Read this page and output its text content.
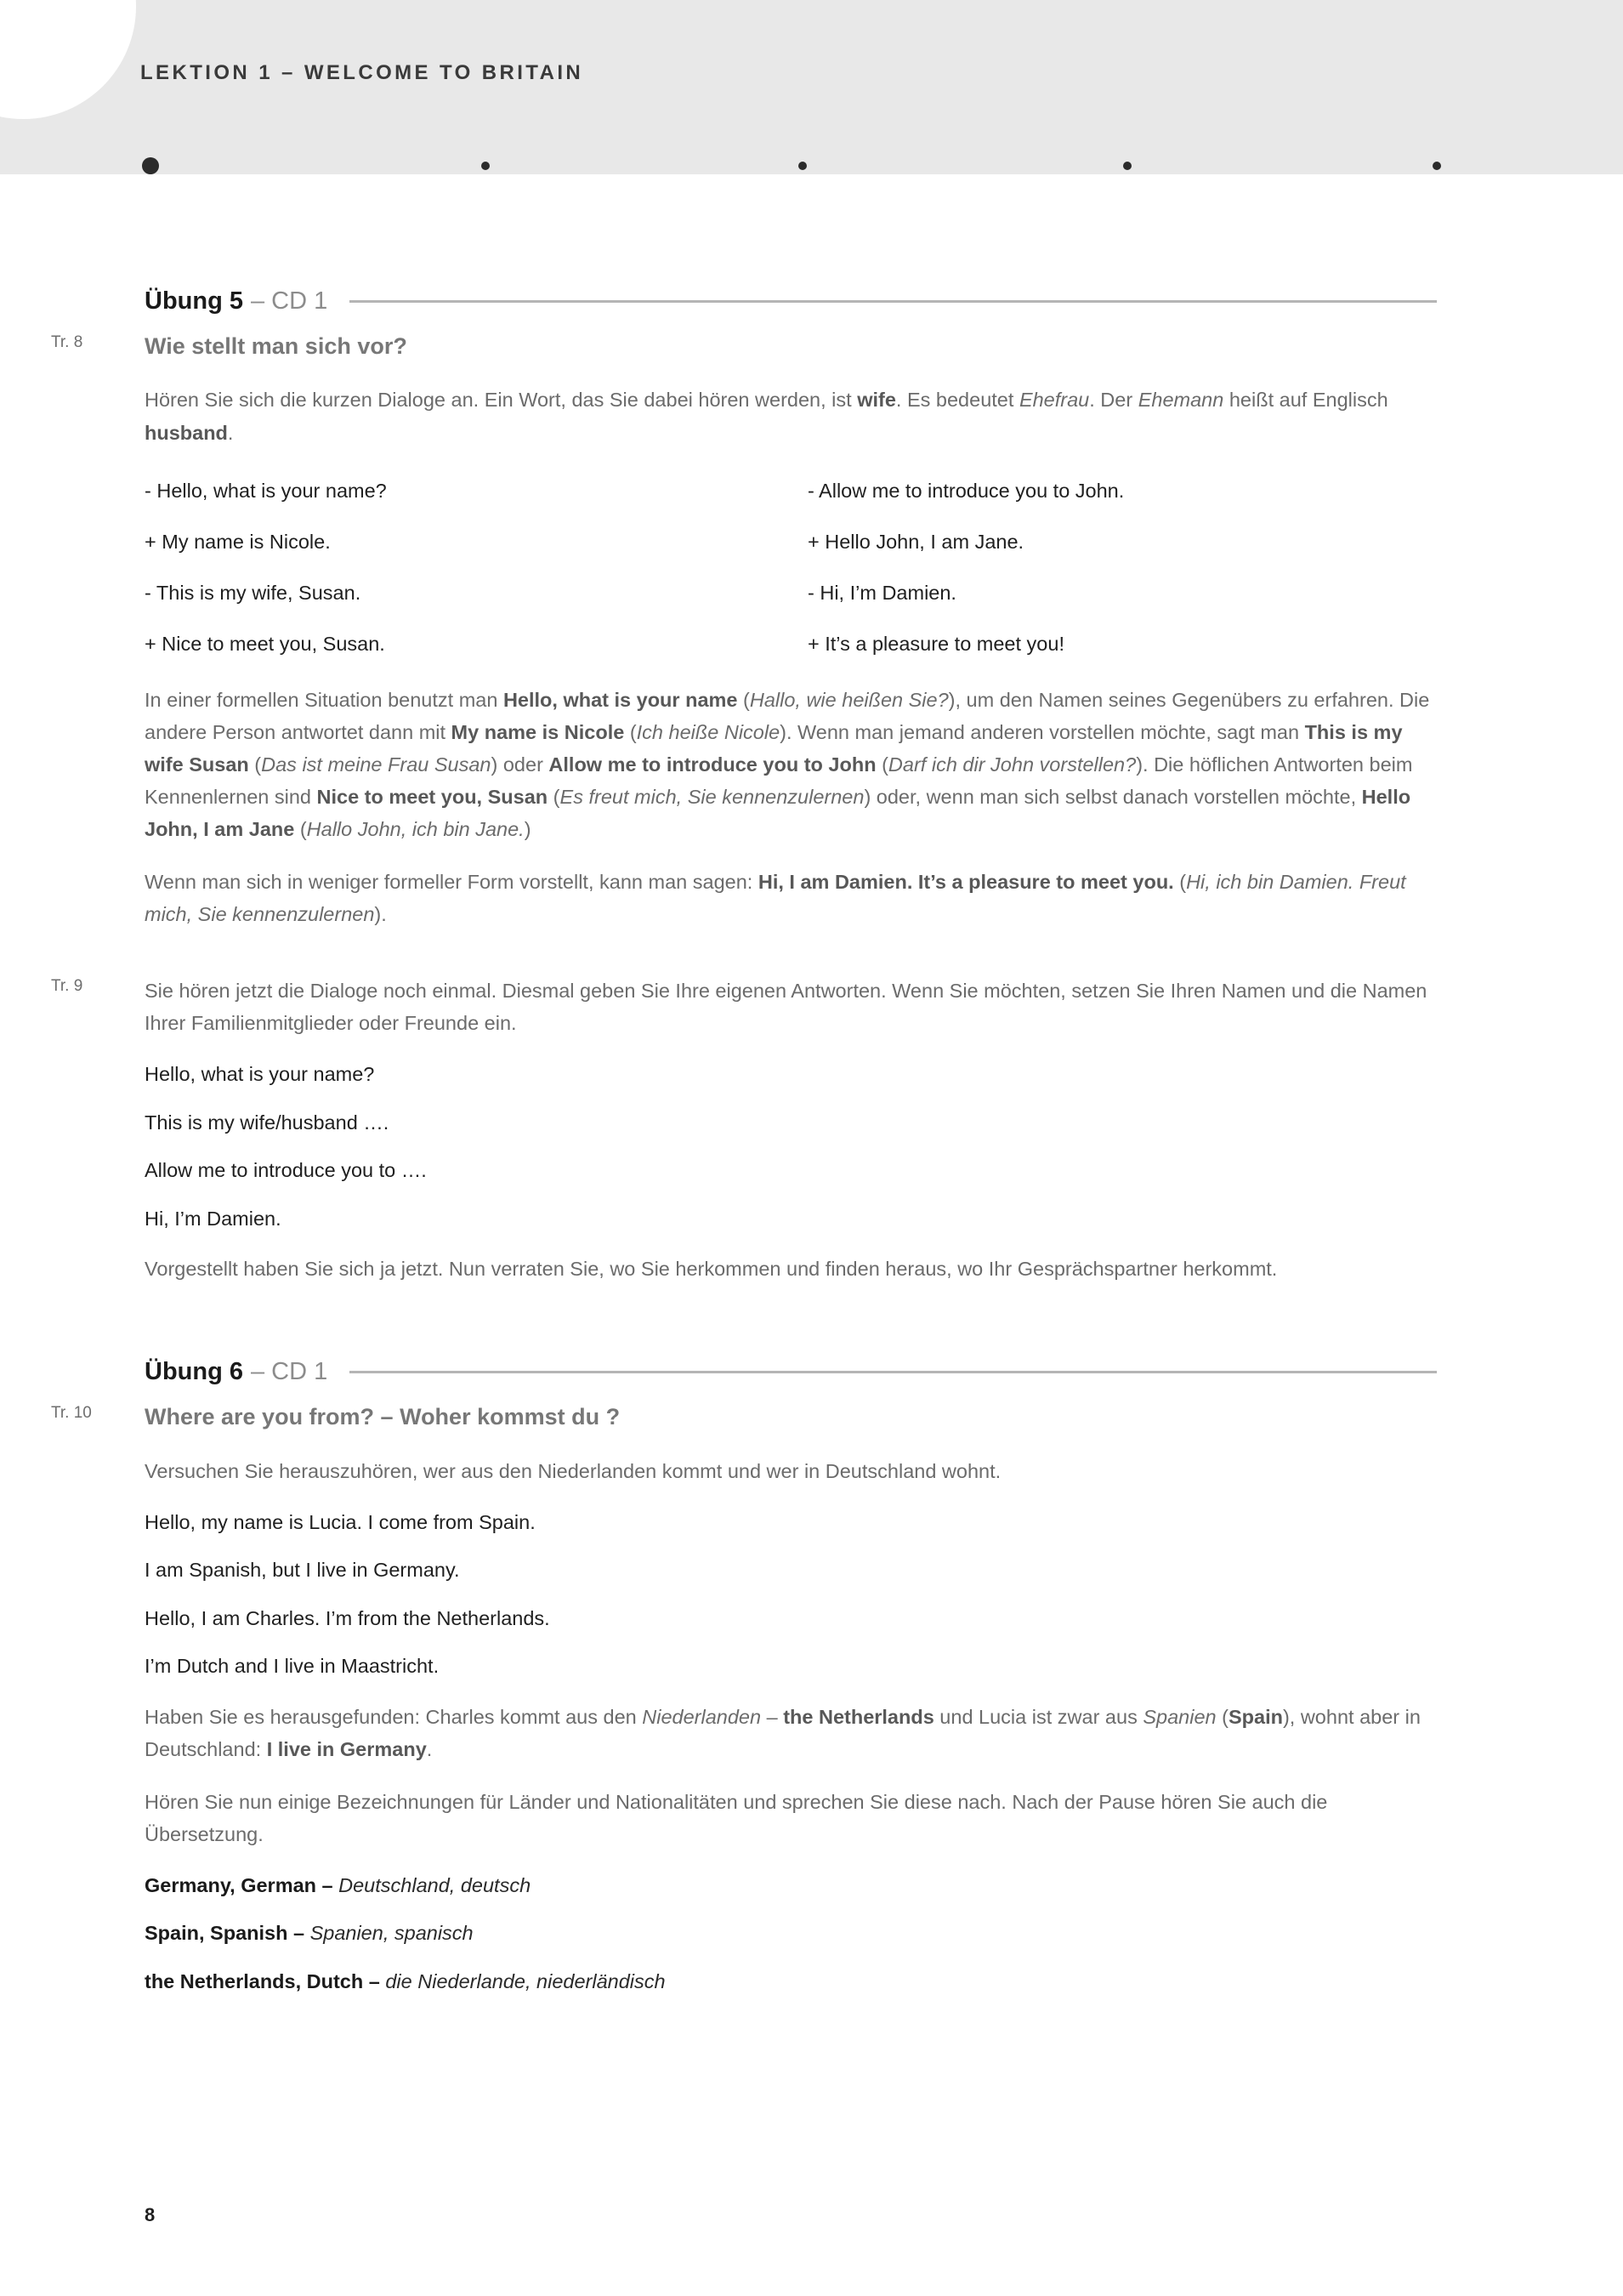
LEKTION 1 – WELCOME TO BRITAIN
Übung 5 – CD 1
Tr. 8	Wie stellt man sich vor?

Hören Sie sich die kurzen Dialoge an. Ein Wort, das Sie dabei hören werden, ist wife. Es bedeutet Ehefrau. Der Ehemann heißt auf Englisch husband.

- Hello, what is your name?	- Allow me to introduce you to John.
+ My name is Nicole.	+ Hello John, I am Jane.
- This is my wife, Susan.	- Hi, I’m Damien.
+ Nice to meet you, Susan.	+ It’s a pleasure to meet you!

In einer formellen Situation benutzt man Hello, what is your name (Hallo, wie heißen Sie?), um den Namen seines Gegenübers zu erfahren. Die andere Person antwortet dann mit My name is Nicole (Ich heiße Nicole). Wenn man jemand anderen vorstellen möchte, sagt man This is my wife Susan (Das ist meine Frau Susan) oder Allow me to introduce you to John (Darf ich dir John vorstellen?). Die höflichen Antworten beim Kennenlernen sind Nice to meet you, Susan (Es freut mich, Sie kennenzulernen) oder, wenn man sich selbst danach vorstellen möchte, Hello John, I am Jane (Hallo John, ich bin Jane.)

Wenn man sich in weniger formeller Form vorstellt, kann man sagen: Hi, I am Damien. It’s a pleasure to meet you. (Hi, ich bin Damien. Freut mich, Sie kennenzulernen).

Tr. 9	Sie hören jetzt die Dialoge noch einmal. Diesmal geben Sie Ihre eigenen Antworten. Wenn Sie möchten, setzen Sie Ihren Namen und die Namen Ihrer Familienmitglieder oder Freunde ein.
Hello, what is your name?
This is my wife/husband ….
Allow me to introduce you to ….
Hi, I’m Damien.

Vorgestellt haben Sie sich ja jetzt. Nun verraten Sie, wo Sie herkommen und finden heraus, wo Ihr Gesprächspartner herkommt.

Übung 6 – CD 1
Tr. 10	Where are you from? – Woher kommst du ?

Versuchen Sie herauszuhören, wer aus den Niederlanden kommt und wer in Deutschland wohnt.

Hello, my name is Lucia. I come from Spain.
I am Spanish, but I live in Germany.
Hello, I am Charles. I’m from the Netherlands.
I’m Dutch and I live in Maastricht.

Haben Sie es herausgefunden: Charles kommt aus den Niederlanden – the Netherlands und Lucia ist zwar aus Spanien (Spain), wohnt aber in Deutschland: I live in Germany.

Hören Sie nun einige Bezeichnungen für Länder und Nationalitäten und sprechen Sie diese nach. Nach der Pause hören Sie auch die Übersetzung.

Germany, German – Deutschland, deutsch
Spain, Spanish – Spanien, spanisch
the Netherlands, Dutch – die Niederlande, niederländisch
8
